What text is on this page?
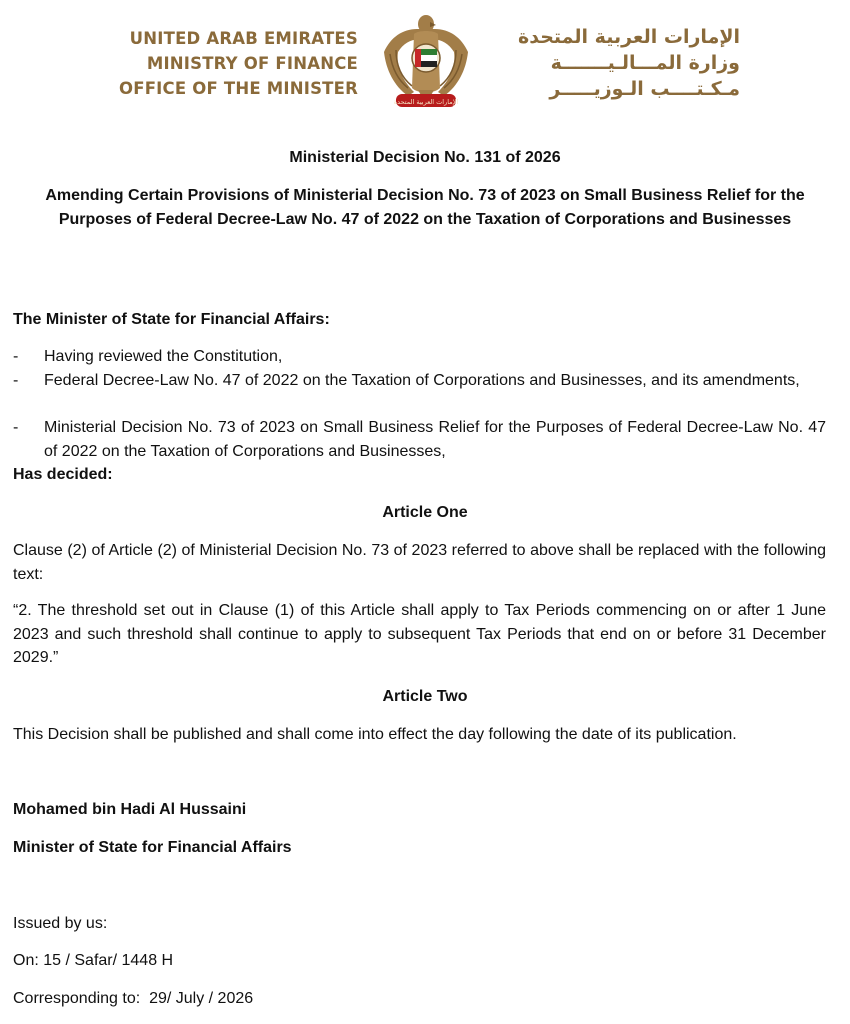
UNITED ARAB EMIRATES
MINISTRY OF FINANCE
OFFICE OF THE MINISTER
الإمارات العربية المتحدة
الإمارات العربية المتحدة
وزارة المـــالـيـــــــة
مـكـتــــب الـوزيـــــر
Ministerial Decision No. 131 of 2026
Amending Certain Provisions of Ministerial Decision No. 73 of 2023 on Small Business Relief for the Purposes of Federal Decree-Law No. 47 of 2022 on the Taxation of Corporations and Businesses
The Minister of State for Financial Affairs:
- Having reviewed the Constitution,
- Federal Decree-Law No. 47 of 2022 on the Taxation of Corporations and Businesses, and its amendments,
- Ministerial Decision No. 73 of 2023 on Small Business Relief for the Purposes of Federal Decree-Law No. 47 of 2022 on the Taxation of Corporations and Businesses,
Has decided:
Article One
Clause (2) of Article (2) of Ministerial Decision No. 73 of 2023 referred to above shall be replaced with the following text:
“2. The threshold set out in Clause (1) of this Article shall apply to Tax Periods commencing on or after 1 June 2023 and such threshold shall continue to apply to subsequent Tax Periods that end on or before 31 December 2029.”
Article Two
This Decision shall be published and shall come into effect the day following the date of its publication.
Mohamed bin Hadi Al Hussaini
Minister of State for Financial Affairs
Issued by us:
On: 15 / Safar/ 1448 H
Corresponding to:  29/ July / 2026
